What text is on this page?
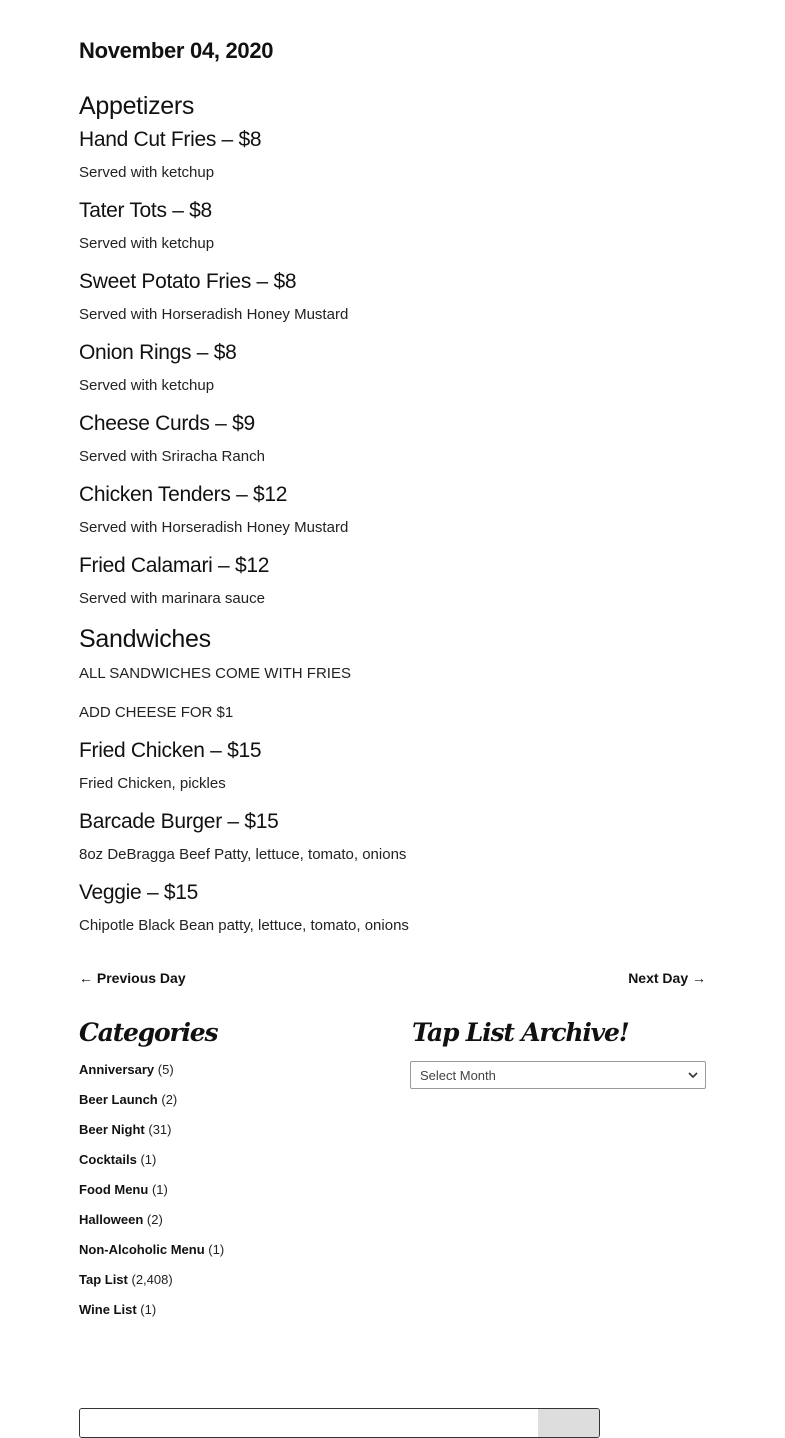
November 04, 2020
Appetizers
Hand Cut Fries – $8
Served with ketchup
Tater Tots – $8
Served with ketchup
Sweet Potato Fries – $8
Served with Horseradish Honey Mustard
Onion Rings – $8
Served with ketchup
Cheese Curds – $9
Served with Sriracha Ranch
Chicken Tenders – $12
Served with Horseradish Honey Mustard
Fried Calamari – $12
Served with marinara sauce
Sandwiches
ALL SANDWICHES COME WITH FRIES
ADD CHEESE FOR $1
Fried Chicken – $15
Fried Chicken, pickles
Barcade Burger – $15
8oz DeBragga Beef Patty, lettuce, tomato, onions
Veggie – $15
Chipotle Black Bean patty, lettuce, tomato, onions
← Previous Day	Next Day →
Categories
Anniversary (5)
Beer Launch (2)
Beer Night (31)
Cocktails (1)
Food Menu (1)
Halloween (2)
Non-Alcoholic Menu (1)
Tap List (2,408)
Wine List (1)
Tap List Archive!
Select Month
